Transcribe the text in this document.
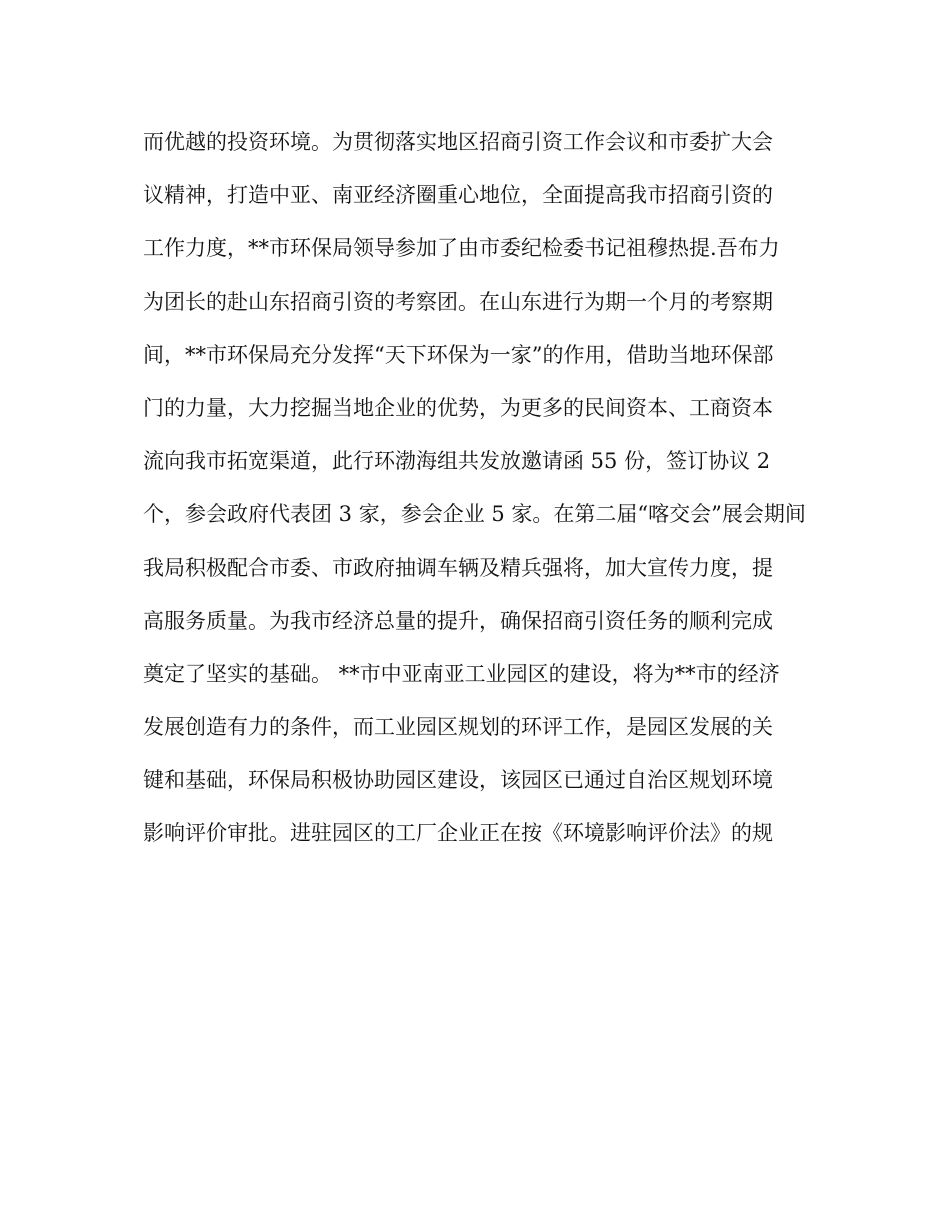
而优越的投资环境。为贯彻落实地区招商引资工作会议和市委扩大会
议精神，打造中亚、南亚经济圈重心地位，全面提高我市招商引资的
工作力度，**市环保局领导参加了由市委纪检委书记祖穆热提.吾布力
为团长的赴山东招商引资的考察团。在山东进行为期一个月的考察期
间，**市环保局充分发挥“天下环保为一家”的作用，借助当地环保部
门的力量，大力挖掘当地企业的优势，为更多的民间资本、工商资本
流向我市拓宽渠道，此行环渤海组共发放邀请函 55 份，签订协议 2
个，参会政府代表团 3 家，参会企业 5 家。在第二届“喀交会”展会期间
我局积极配合市委、市政府抽调车辆及精兵强将，加大宣传力度，提
高服务质量。为我市经济总量的提升，确保招商引资任务的顺利完成
奠定了坚实的基础。 **市中亚南亚工业园区的建设，将为**市的经济
发展创造有力的条件，而工业园区规划的环评工作，是园区发展的关
键和基础，环保局积极协助园区建设，该园区已通过自治区规划环境
影响评价审批。进驻园区的工厂企业正在按《环境影响评价法》的规
